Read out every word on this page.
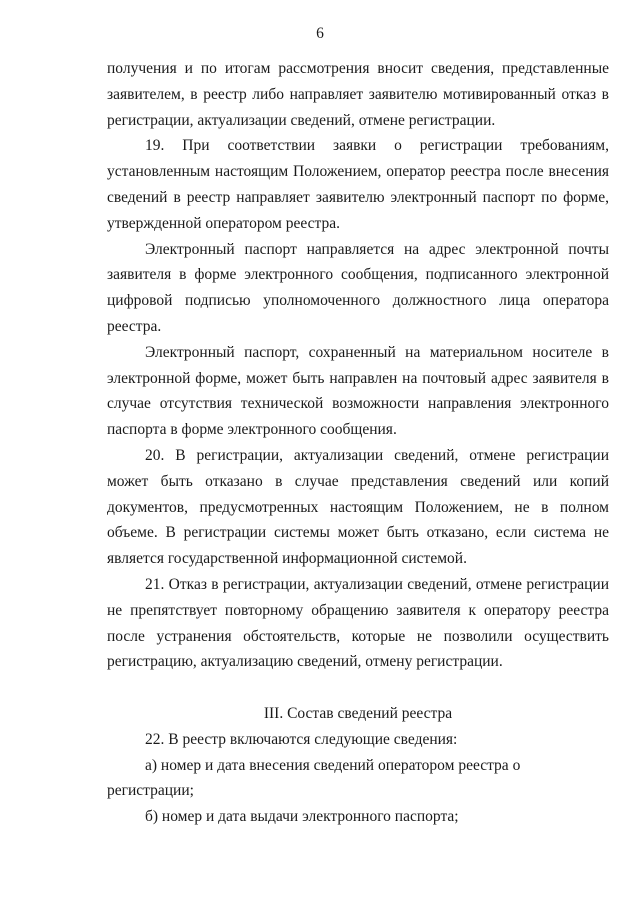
6

получения и по итогам рассмотрения вносит сведения, представленные заявителем, в реестр либо направляет заявителю мотивированный отказ в регистрации, актуализации сведений, отмене регистрации.

19. При соответствии заявки о регистрации требованиям, установленным настоящим Положением, оператор реестра после внесения сведений в реестр направляет заявителю электронный паспорт по форме, утвержденной оператором реестра.

Электронный паспорт направляется на адрес электронной почты заявителя в форме электронного сообщения, подписанного электронной цифровой подписью уполномоченного должностного лица оператора реестра.

Электронный паспорт, сохраненный на материальном носителе в электронной форме, может быть направлен на почтовый адрес заявителя в случае отсутствия технической возможности направления электронного паспорта в форме электронного сообщения.

20. В регистрации, актуализации сведений, отмене регистрации может быть отказано в случае представления сведений или копий документов, предусмотренных настоящим Положением, не в полном объеме. В регистрации системы может быть отказано, если система не является государственной информационной системой.

21. Отказ в регистрации, актуализации сведений, отмене регистрации не препятствует повторному обращению заявителя к оператору реестра после устранения обстоятельств, которые не позволили осуществить регистрацию, актуализацию сведений, отмену регистрации.

III. Состав сведений реестра

22. В реестр включаются следующие сведения:

а) номер и дата внесения сведений оператором реестра о регистрации;

б) номер и дата выдачи электронного паспорта;
